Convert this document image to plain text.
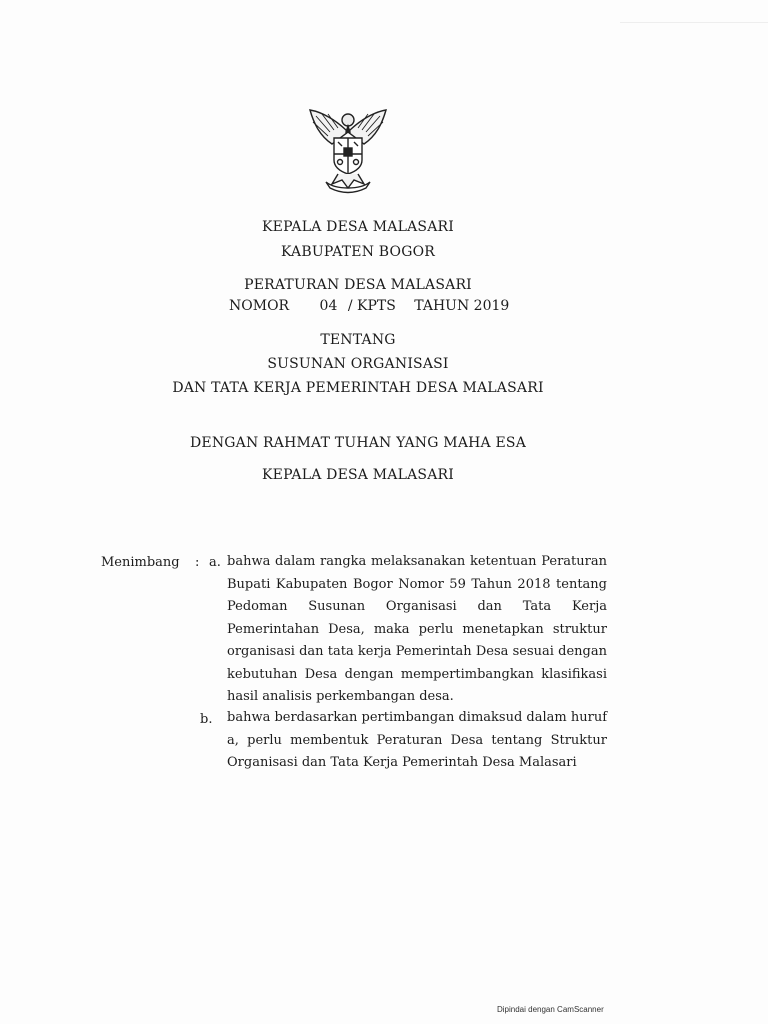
KEPALA DESA MALASARI
KABUPATEN BOGOR
PERATURAN DESA MALASARI
NOMOR 04 / KPTS TAHUN 2019
TENTANG
SUSUNAN ORGANISASI
DAN TATA KERJA PEMERINTAH DESA MALASARI
DENGAN RAHMAT TUHAN YANG MAHA ESA
KEPALA DESA MALASARI
Menimbang : a. bahwa dalam rangka melaksanakan ketentuan Peraturan Bupati Kabupaten Bogor Nomor 59 Tahun 2018 tentang Pedoman Susunan Organisasi dan Tata Kerja Pemerintahan Desa, maka perlu menetapkan struktur organisasi dan tata kerja Pemerintah Desa sesuai dengan kebutuhan Desa dengan mempertimbangkan klasifikasi hasil analisis perkembangan desa.
b. bahwa berdasarkan pertimbangan dimaksud dalam huruf a, perlu membentuk Peraturan Desa tentang Struktur Organisasi dan Tata Kerja Pemerintah Desa Malasari
Dipindai dengan CamScanner
